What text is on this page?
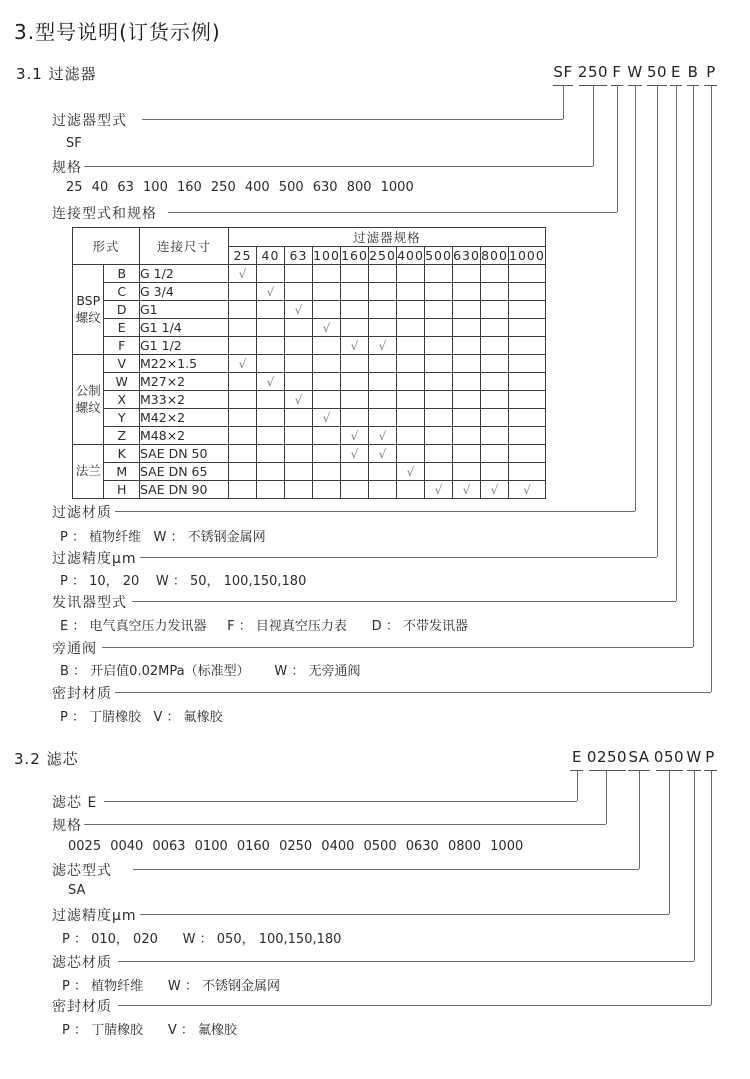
3.型号说明(订货示例)
3.1 过滤器	SF 250 F W 50 E B P
过滤器型式
SF
规格
25 40 63 100 160 250 400 500 630 800 1000
连接型式和规格
形式		连接尺寸	过滤器规格										
			25	40	63	100	160	250	400	500	630	800	1000
BSP螺纹	B	G 1/2	√										
	C	G 3/4		√									
	D	G1			√								
	E	G1 1/4				√							
	F	G1 1/2					√	√					
公制螺纹	V	M22×1.5	√										
	W	M27×2		√									
	X	M33×2			√								
	Y	M42×2				√							
	Z	M48×2					√	√					
法兰	K	SAE DN 50					√	√					
	M	SAE DN 65							√				
	H	SAE DN 90								√	√	√	√
过滤材质
P ： 植物纤维   W ： 不锈钢金属网
过滤精度μm
P ： 10， 20    W ： 50， 100,150,180
发讯器型式
E ： 电气真空压力发讯器     F ： 目视真空压力表      D ： 不带发讯器
旁通阀
B ： 开启值0.02MPa（标准型）      W ： 无旁通阀
密封材质
P ： 丁腈橡胶   V ： 氟橡胶
3.2 滤芯	E 0250 SA 050 W P
滤芯 E
规格
0025 0040 0063 0100 0160 0250 0400 0500 0630 0800 1000
滤芯型式
SA
过滤精度μm
P ： 010， 020      W ： 050， 100,150,180
滤芯材质
P ： 植物纤维      W ： 不锈钢金属网
密封材质
P ： 丁腈橡胶      V ： 氟橡胶
